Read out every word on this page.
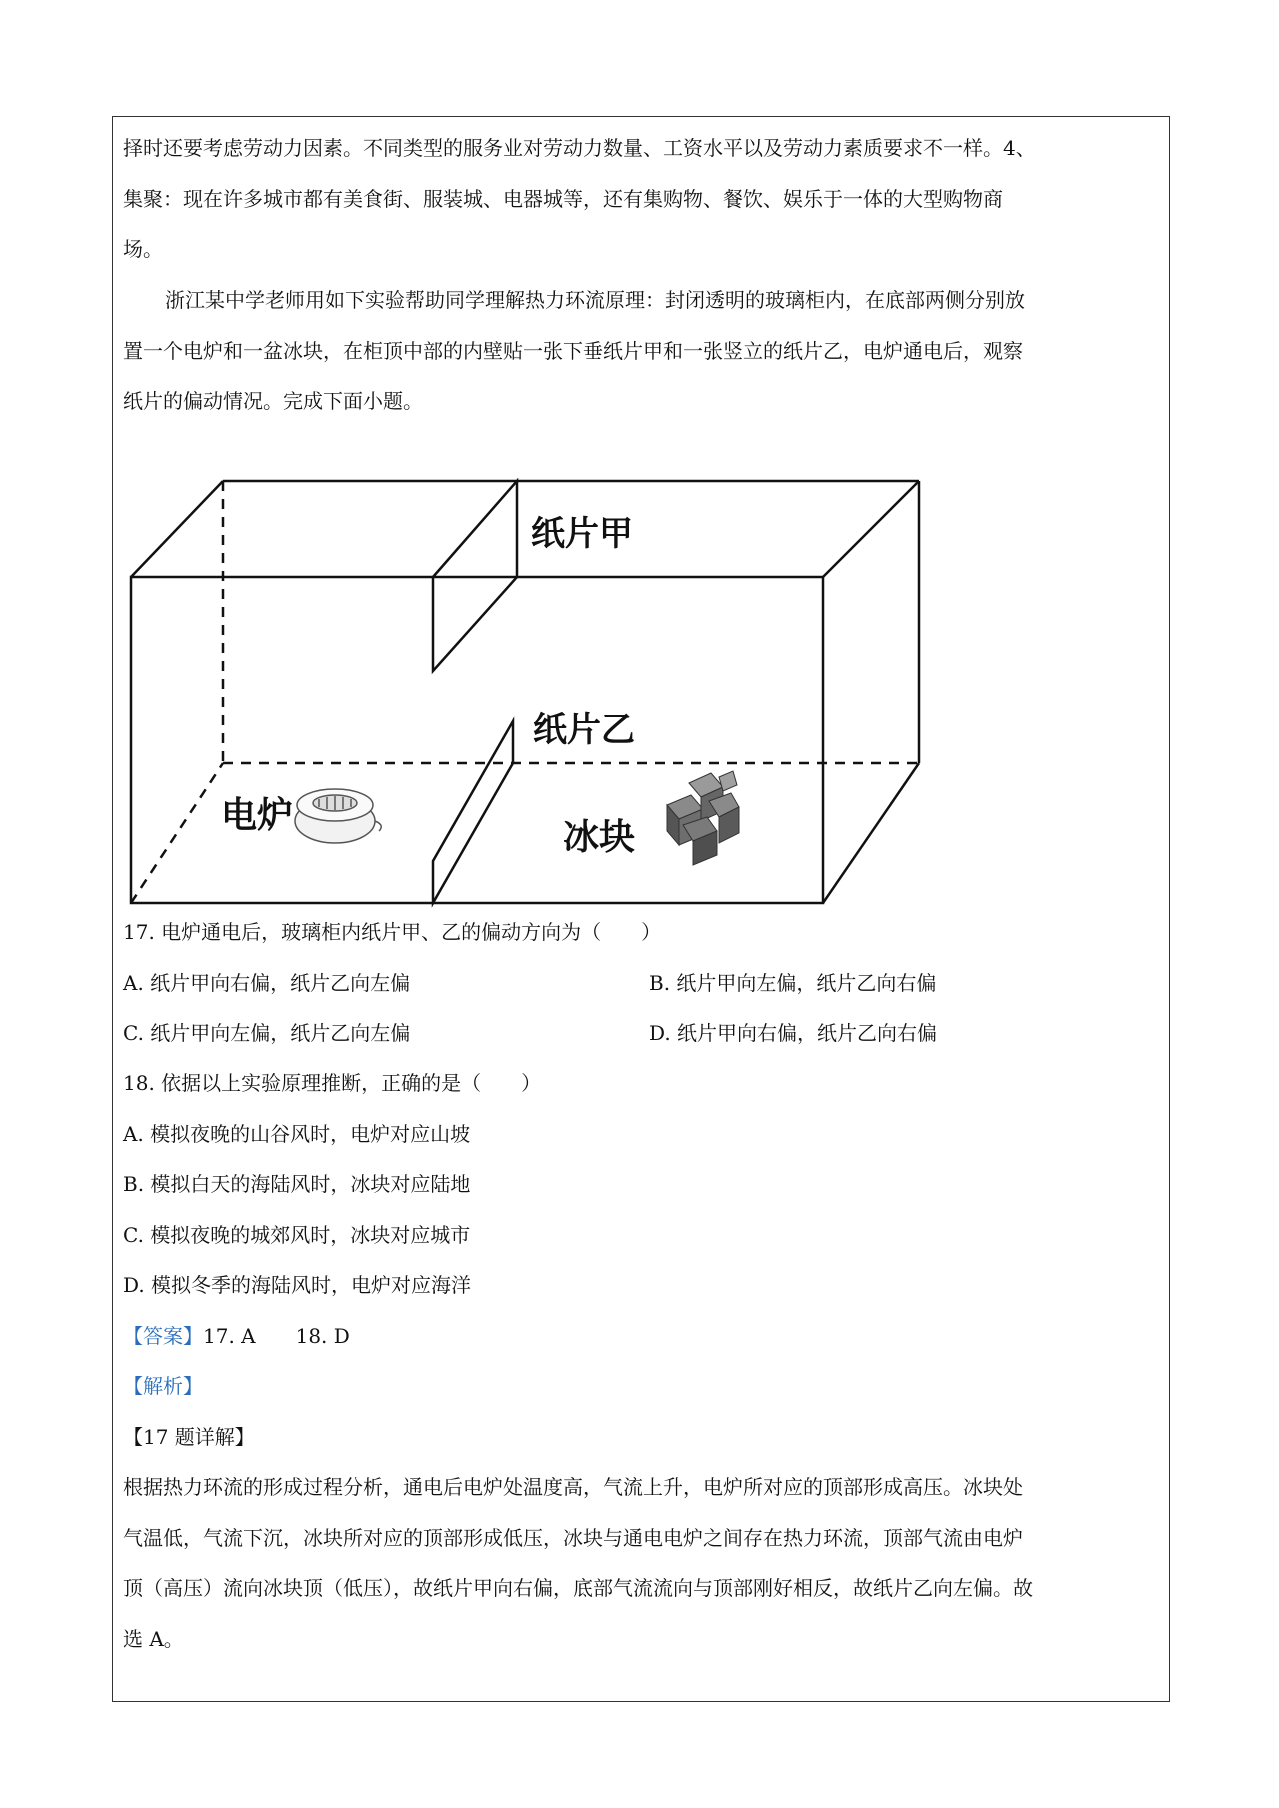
择时还要考虑劳动力因素。不同类型的服务业对劳动力数量、工资水平以及劳动力素质要求不一样。4、

集聚：现在许多城市都有美食街、服装城、电器城等，还有集购物、餐饮、娱乐于一体的大型购物商

场。

浙江某中学老师用如下实验帮助同学理解热力环流原理：封闭透明的玻璃柜内，在底部两侧分别放

置一个电炉和一盆冰块，在柜顶中部的内壁贴一张下垂纸片甲和一张竖立的纸片乙，电炉通电后，观察

纸片的偏动情况。完成下面小题。

纸片甲
纸片乙
电炉
冰块

17. 电炉通电后，玻璃柜内纸片甲、乙的偏动方向为（　　）

A. 纸片甲向右偏，纸片乙向左偏	B. 纸片甲向左偏，纸片乙向右偏
C. 纸片甲向左偏，纸片乙向左偏	D. 纸片甲向右偏，纸片乙向右偏

18. 依据以上实验原理推断，正确的是（　　）

A. 模拟夜晚的山谷风时，电炉对应山坡

B. 模拟白天的海陆风时，冰块对应陆地

C. 模拟夜晚的城郊风时，冰块对应城市

D. 模拟冬季的海陆风时，电炉对应海洋

【答案】17. A　　18. D

【解析】

【17 题详解】

根据热力环流的形成过程分析，通电后电炉处温度高，气流上升，电炉所对应的顶部形成高压。冰块处

气温低，气流下沉，冰块所对应的顶部形成低压，冰块与通电电炉之间存在热力环流，顶部气流由电炉

顶（高压）流向冰块顶（低压），故纸片甲向右偏，底部气流流向与顶部刚好相反，故纸片乙向左偏。故

选 A。
